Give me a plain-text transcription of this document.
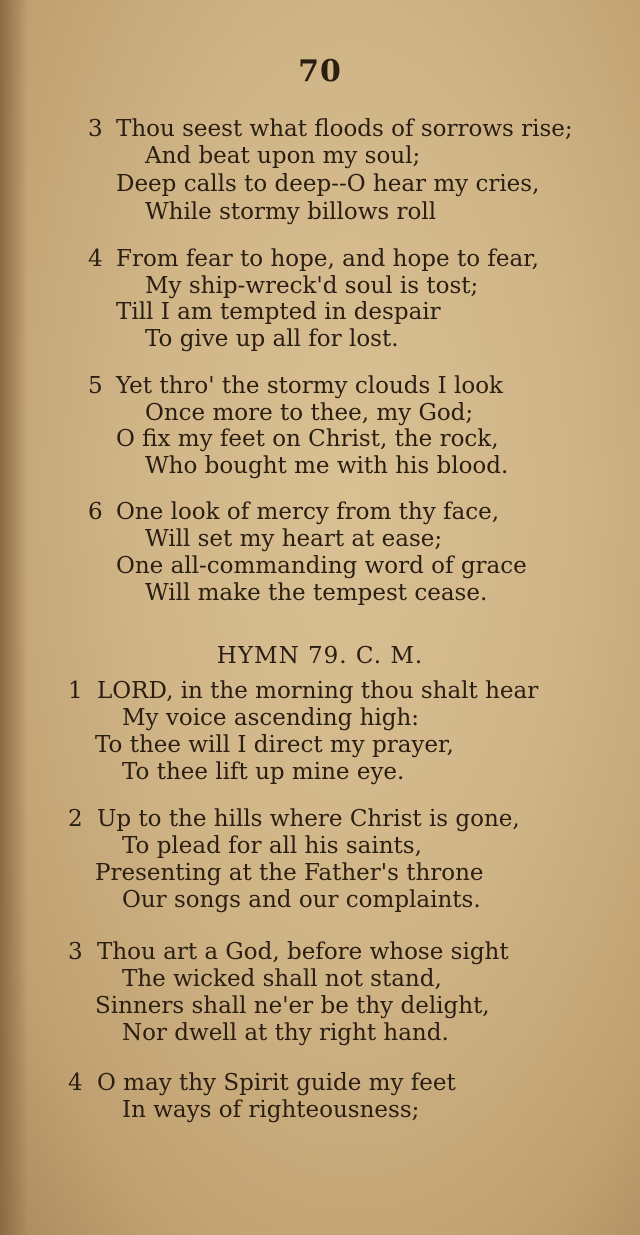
70
3 Thou seest what floods of sorrows rise;
And beat upon my soul;
Deep calls to deep--O hear my cries,
While stormy billows roll
4 From fear to hope, and hope to fear,
My ship-wreck'd soul is tost;
Till I am tempted in despair
To give up all for lost.
5 Yet thro' the stormy clouds I look
Once more to thee, my God;
O fix my feet on Christ, the rock,
Who bought me with his blood.
6 One look of mercy from thy face,
Will set my heart at ease;
One all-commanding word of grace
Will make the tempest cease.
HYMN 79. C. M.
1 LORD, in the morning thou shalt hear
My voice ascending high:
To thee will I direct my prayer,
To thee lift up mine eye.
2 Up to the hills where Christ is gone,
To plead for all his saints,
Presenting at the Father's throne
Our songs and our complaints.
3 Thou art a God, before whose sight
The wicked shall not stand,
Sinners shall ne'er be thy delight,
Nor dwell at thy right hand.
4 O may thy Spirit guide my feet
In ways of righteousness;
